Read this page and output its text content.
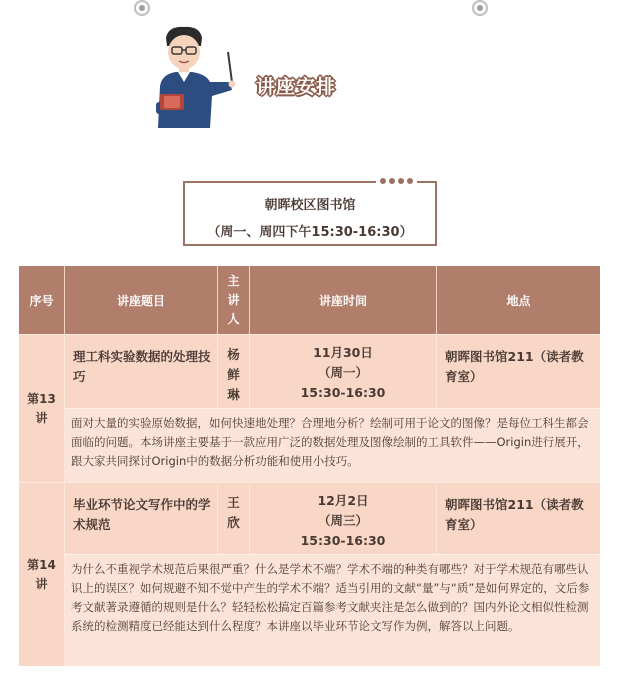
讲座安排
朝晖校区图书馆
（周一、周四下午15:30-16:30）
序号	讲座题目
主
讲
人
讲座时间	地点
第13
讲
理工科实验数据的处理技巧
杨
鲜
琳
11月30日
（周一）
15:30-16:30
朝晖图书馆211（读者教育室）
面对大量的实验原始数据，如何快速地处理？合理地分析？绘制可用于论文的图像？是每位工科生都会面临的问题。本场讲座主要基于一款应用广泛的数据处理及图像绘制的工具软件——Origin进行展开，跟大家共同探讨Origin中的数据分析功能和使用小技巧。
第14
讲
毕业环节论文写作中的学术规范
王
欣
12月2日
（周三）
15:30-16:30
朝晖图书馆211（读者教育室）
为什么不重视学术规范后果很严重？什么是学术不端？学术不端的种类有哪些？对于学术规范有哪些认识上的误区？如何规避不知不觉中产生的学术不端？适当引用的文献“量”与“质”是如何界定的，文后参考文献著录遵循的规则是什么？轻轻松松搞定百篇参考文献夹注是怎么做到的？国内外论文相似性检测系统的检测精度已经能达到什么程度？本讲座以毕业环节论文写作为例，解答以上问题。
